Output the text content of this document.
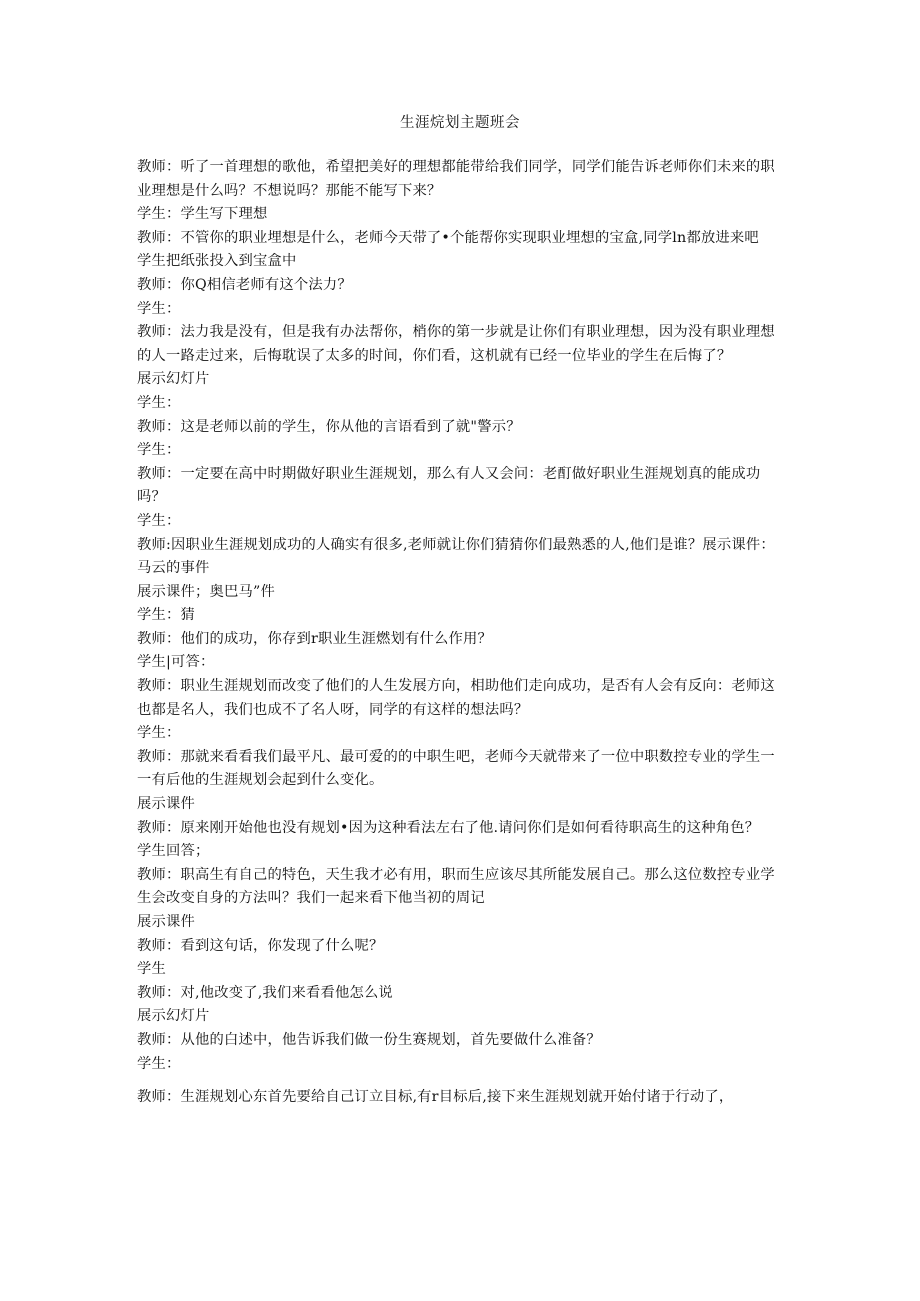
生涯烷划主题班会

教师：听了一首理想的歌他，希望把美好的理想都能带给我们同学，同学们能告诉老师你们未来的职业理想是什么吗？不想说吗？那能不能写下来？

学生：学生写下理想

教师：不管你的职业埋想是什么，老师今天带了•个能帮你实现职业埋想的宝盒,同学ln都放进来吧

学生把纸张投入到宝盒中

教师：你Q相信老师有这个法力？

学生：

教师：法力我是没有，但是我有办法帮你，梢你的第一步就是让你们有职业理想，因为没有职业理想的人一路走过来，后悔耽误了太多的时间，你们看，这机就有已经一位毕业的学生在后悔了？

展示幻灯片

学生：

教师：这是老师以前的学生，你从他的言语看到了就"警示？

学生：

教师：一定要在高中时期做好职业生涯规划，那么有人又会问：老酊做好职业生涯规划真的能成功吗？

学生：

教师:因职业生涯规划成功的人确实有很多,老师就让你们猜猜你们最熟悉的人,他们是谁？展示课件：马云的事件

展示课件；奥巴马”件

学生：猜

教师：他们的成功，你存到r职业生涯燃划有什么作用？

学生|可答：

教师：职业生涯规划而改变了他们的人生发展方向，相助他们走向成功，是否有人会有反向：老师这也都是名人，我们也成不了名人呀，同学的有这样的想法吗？

学生：

教师：那就来看看我们最平凡、最可爱的的中职生吧，老师今天就带来了一位中职数控专业的学生一一有后他的生涯规划会起到什么变化。

展示课件

教师：原来刚开始他也没有规划•因为这种看法左右了他.请问你们是如何看待职高生的这种角色？

学生回答；

教师：职高生有自己的特色，天生我才必有用，职而生应该尽其所能发展自己。那么这位数控专业学生会改变自身的方法叫？我们一起来看下他当初的周记

展示课件

教师：看到这句话，你发现了什么呢？

学生

教师：对,他改变了,我们来看看他怎么说

展示幻灯片

教师：从他的白述中，他告诉我们做一份生赛规划，首先要做什么准备？

学生：

教师：生涯规划心东首先要给自己订立目标,有r目标后,接下来生涯规划就开始付诸于行动了，
